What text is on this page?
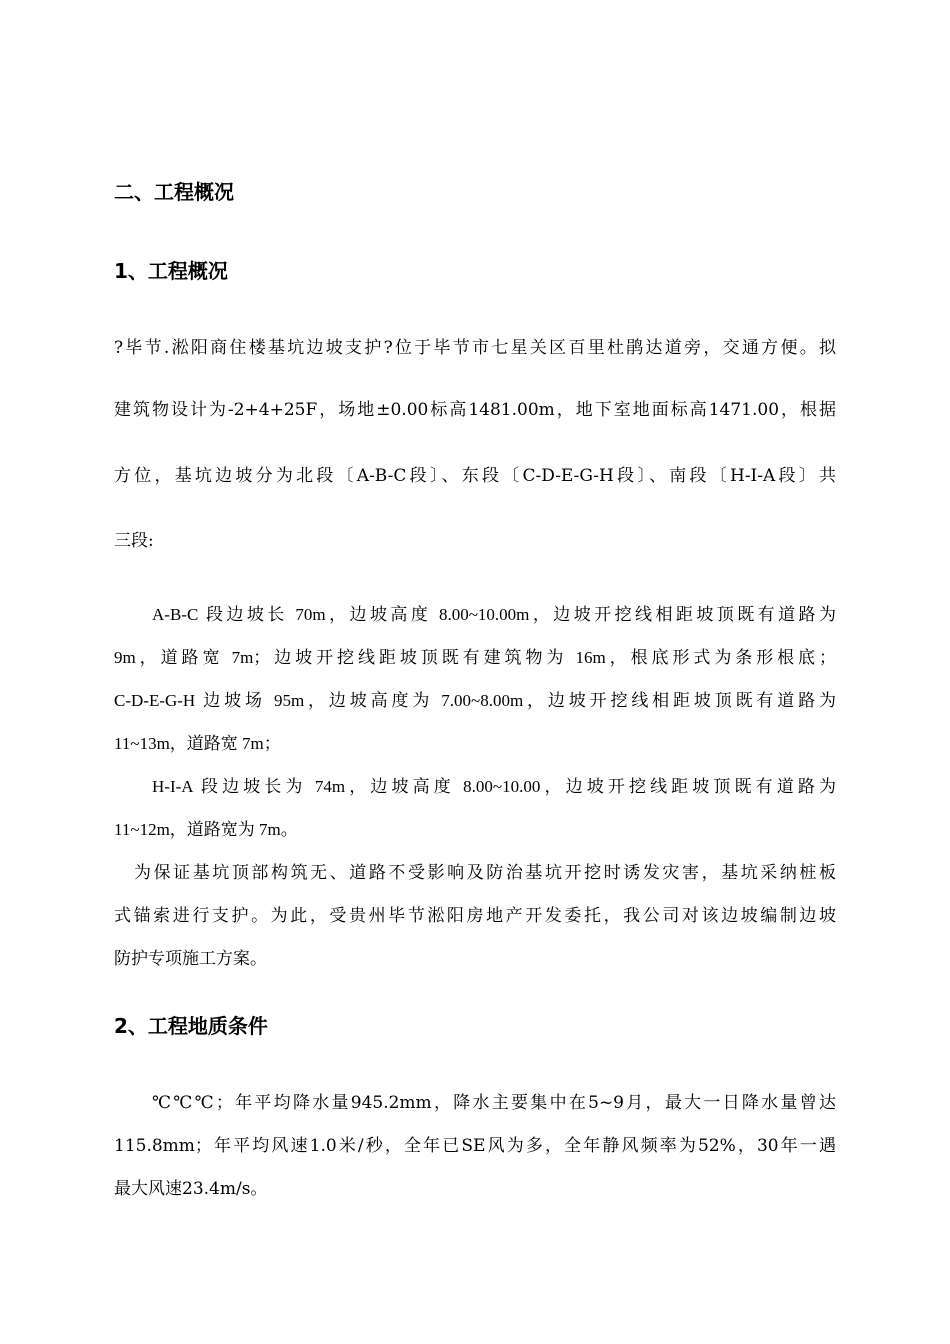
二、工程概况
1、工程概况
?毕节.淞阳商住楼基坑边坡支护?位于毕节市七星关区百里杜鹃达道旁，交通方便。拟
建筑物设计为-2+4+25F，场地±0.00标高1481.00m，地下室地面标高1471.00，根据
方位，基坑边坡分为北段〔A-B-C段〕、东段〔C-D-E-G-H段〕、南段〔H-I-A段〕共
三段:
A-B-C 段边坡长 70m，边坡高度 8.00~10.00m，边坡开挖线相距坡顶既有道路为
9m，道路宽 7m；边坡开挖线距坡顶既有建筑物为 16m，根底形式为条形根底；
C-D-E-G-H 边坡场 95m，边坡高度为 7.00~8.00m，边坡开挖线相距坡顶既有道路为
11~13m，道路宽 7m；
H-I-A 段边坡长为 74m，边坡高度 8.00~10.00，边坡开挖线距坡顶既有道路为
11~12m，道路宽为 7m。
为保证基坑顶部构筑无、道路不受影响及防治基坑开挖时诱发灾害，基坑采纳桩板
式锚索进行支护。为此，受贵州毕节淞阳房地产开发委托，我公司对该边坡编制边坡
防护专项施工方案。
2、工程地质条件
℃℃℃；年平均降水量945.2mm，降水主要集中在5~9月，最大一日降水量曾达
115.8mm；年平均风速1.0米/秒，全年已SE风为多，全年静风频率为52%，30年一遇
最大风速23.4m/s。
